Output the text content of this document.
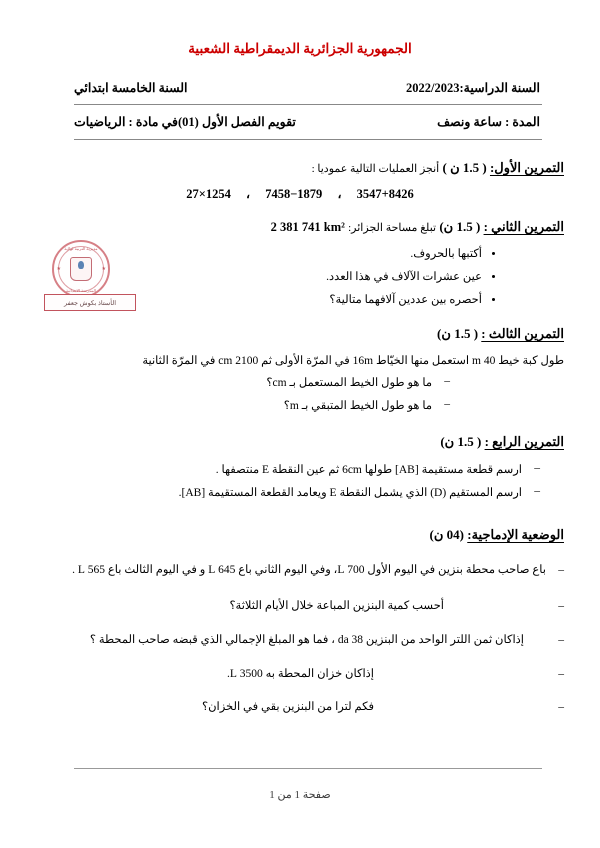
الجمهورية الجزائرية الديمقراطية الشعبية
السنة الخامسة ابتدائي	السنة الدراسية:2022/2023
تقويم الفصل الأول (01)في مادة : الرياضيات	المدة : ساعة ونصف
التمرين الأول: ( 1.5 ن ) أنجز العمليات التالية عموديا :
27×1254 ، 7458−1879 ، 3547+8426
التمرين الثاني : ( 1.5 ن) تبلغ مساحة الجزائر: 2 381 741 km²
• أكتبها بالحروف.
• عين عشرات الآلاف في هذا العدد.
• أحصره بين عددين آلافهما متالية؟
مديرية التربية لولاية
المدرسة الابتدائية
★	★
الأستاذ بكوش جعفر
التمرين الثالث : ( 1.5 ن)
طول كبة خيط 40 m استعمل منها الخيّاط 16m في المرّة الأولى ثم 2100 cm في المرّة الثانية
– ما هو طول الخيط المستعمل بـ cm؟
– ما هو طول الخيط المتبقي بـ m؟
التمرين الرابع : ( 1.5 ن)
– ارسم قطعة مستقيمة [AB] طولها 6cm ثم عين النقطة E منتصفها .
– ارسم المستقيم (D) الذي يشمل النقطة E ويعامد القطعة المستقيمة [AB].
الوضعية الإدماجية: (04 ن)
– باع صاحب محطة بنزين في اليوم الأول 700 L، وفي اليوم الثاني باع 645 L و في اليوم الثالث باع 565 L .
– أحسب كمية البنزين المباعة خلال الأيام الثلاثة؟
– إذاكان ثمن اللتر الواحد من البنزين 38 da ، فما هو المبلغ الإجمالي الذي قبضه صاحب المحطة ؟
– إذاكان خزان المحطة به 3500 L.
– فكم لترا من البنزين بقي في الخزان؟
صفحة 1 من 1
